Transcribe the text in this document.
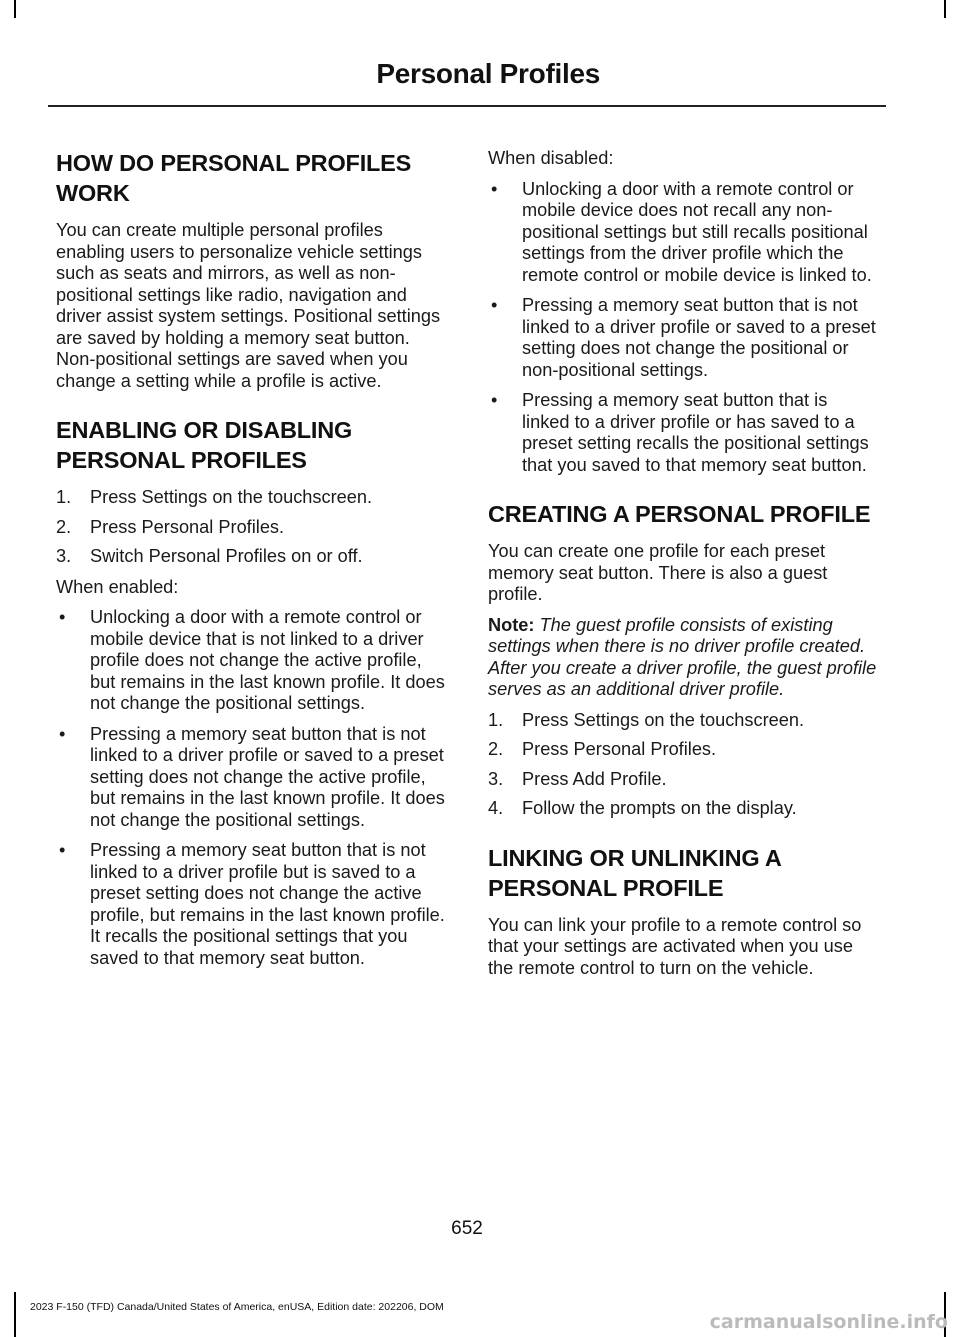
Personal Profiles
HOW DO PERSONAL PROFILES WORK

You can create multiple personal profiles enabling users to personalize vehicle settings such as seats and mirrors, as well as non-positional settings like radio, navigation and driver assist system settings. Positional settings are saved by holding a memory seat button. Non-positional settings are saved when you change a setting while a profile is active.

ENABLING OR DISABLING PERSONAL PROFILES
1. Press Settings on the touchscreen.
2. Press Personal Profiles.
3. Switch Personal Profiles on or off.

When enabled:

• Unlocking a door with a remote control or mobile device that is not linked to a driver profile does not change the active profile, but remains in the last known profile. It does not change the positional settings.
• Pressing a memory seat button that is not linked to a driver profile or saved to a preset setting does not change the active profile, but remains in the last known profile. It does not change the positional settings.
• Pressing a memory seat button that is not linked to a driver profile but is saved to a preset setting does not change the active profile, but remains in the last known profile. It recalls the positional settings that you saved to that memory seat button.

When disabled:

• Unlocking a door with a remote control or mobile device does not recall any non-positional settings but still recalls positional settings from the driver profile which the remote control or mobile device is linked to.
• Pressing a memory seat button that is not linked to a driver profile or saved to a preset setting does not change the positional or non-positional settings.
• Pressing a memory seat button that is linked to a driver profile or has saved to a preset setting recalls the positional settings that you saved to that memory seat button.
CREATING A PERSONAL PROFILE

You can create one profile for each preset memory seat button. There is also a guest profile.

Note: The guest profile consists of existing settings when there is no driver profile created. After you create a driver profile, the guest profile serves as an additional driver profile.

1. Press Settings on the touchscreen.
2. Press Personal Profiles.
3. Press Add Profile.
4. Follow the prompts on the display.
LINKING OR UNLINKING A PERSONAL PROFILE

You can link your profile to a remote control so that your settings are activated when you use the remote control to turn on the vehicle.

652
2023 F-150 (TFD) Canada/United States of America, enUSA, Edition date: 202206, DOM
carmanualsonline.info
